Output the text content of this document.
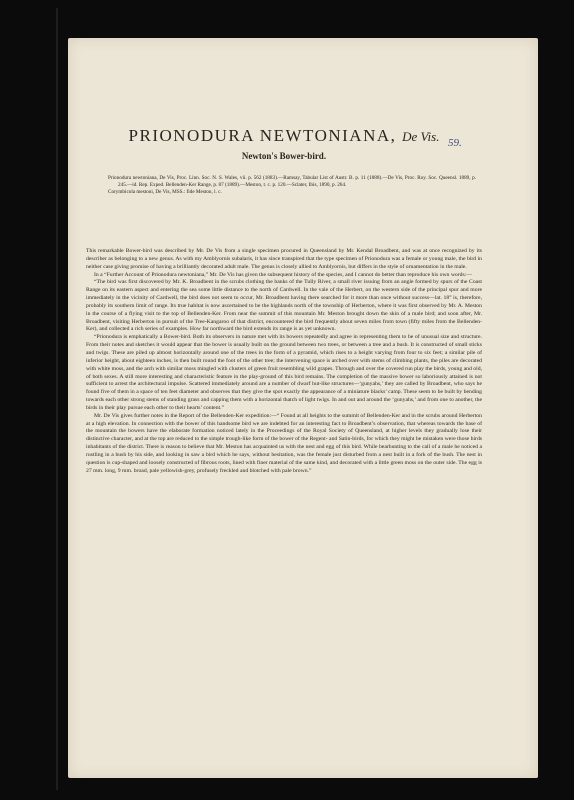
59.
PRIONODURA NEWTONIANA, De Vis.
Newton's Bower-bird.

Prionodura newtoniana, De Vis, Proc. Linn. Soc. N. S. Wales, vii. p. 562 (1883).—Ramsay, Tabular List of Austr. B. p. 11 (1888).—De Vis, Proc. Roy. Soc. Queensl. 1889, p. 245.—id. Rep. Exped. Bellenden-Ker Range, p. 87 (1889).—Meston, t. c. p. 120.—Sclater, Ibis, 1890, p. 264.

Corymbicola mestoni, De Vis, MSS.: fide Meston, l. c.

This remarkable Bower-bird was described by Mr. De Vis from a single specimen procured in Queensland by Mr. Kendal Broadbent, and was at once recognized by its describer as belonging to a new genus. As with my Amblyornis subalaris, it has since transpired that the type specimen of Prionodura was a female or young male, the bird in neither case giving promise of having a brilliantly decorated adult male. The genus is closely allied to Amblyornis, but differs in the style of ornamentation in the male.

In a “Further Account of Prionodura newtoniana,” Mr. De Vis has given the subsequent history of the species, and I cannot do better than reproduce his own words:—

“The bird was first discovered by Mr. K. Broadbent in the scrubs clothing the banks of the Tully River, a small river issuing from an angle formed by spurs of the Coast Range on its eastern aspect and entering the sea some little distance to the north of Cardwell. In the vale of the Herbert, on the western side of the principal spur and more immediately in the vicinity of Cardwell, the bird does not seem to occur, Mr. Broadbent having there searched for it more than once without success—lat. 18° is, therefore, probably its southern limit of range. Its true habitat is now ascertained to be the highlands north of the township of Herberton, where it was first observed by Mr. A. Meston in the course of a flying visit to the top of Bellenden-Ker. From near the summit of this mountain Mr. Meston brought down the skin of a male bird; and soon after, Mr. Broadbent, visiting Herberton in pursuit of the Tree-Kangaroo of that district, encountered the bird frequently about seven miles from town (fifty miles from the Bellenden-Ker), and collected a rich series of examples. How far northward the bird extends its range is as yet unknown.

“Prionodura is emphatically a Bower-bird. Both its observers in nature met with its bowers repeatedly and agree in representing them to be of unusual size and structure. From their notes and sketches it would appear that the bower is usually built on the ground between two trees, or between a tree and a bush. It is constructed of small sticks and twigs. These are piled up almost horizontally around one of the trees in the form of a pyramid, which rises to a height varying from four to six feet; a similar pile of inferior height, about eighteen inches, is then built round the foot of the other tree; the intervening space is arched over with stems of climbing plants, the piles are decorated with white moss, and the arch with similar moss mingled with clusters of green fruit resembling wild grapes. Through and over the covered run play the birds, young and old, of both sexes. A still more interesting and characteristic feature in the play-ground of this bird remains. The completion of the massive bower so laboriously attained is not sufficient to arrest the architectural impulse. Scattered immediately around are a number of dwarf hut-like structures—‘gunyahs,’ they are called by Broadbent, who says he found five of them in a space of ten feet diameter and observes that they give the spot exactly the appearance of a miniature blacks’ camp. These seem to be built by bending towards each other strong stems of standing grass and capping them with a horizontal thatch of light twigs. In and out and around the ‘gunyahs,’ and from one to another, the birds in their play pursue each other to their hearts’ content.”

Mr. De Vis gives further notes in the Report of the Bellenden-Ker expedition:—“ Found at all heights to the summit of Bellenden-Ker and in the scrubs around Herberton at a high elevation. In connection with the bower of this handsome bird we are indebted for an interesting fact to Broadbent’s observation, that whereas towards the base of the mountain the bowers have the elaborate formation noticed lately in the Proceedings of the Royal Society of Queensland, at higher levels they gradually lose their distinctive character, and at the top are reduced to the simple trough-like form of the bower of the Regent- and Satin-birds, for which they might be mistaken were those birds inhabitants of the district. There is reason to believe that Mr. Meston has acquainted us with the nest and egg of this bird. While bearhunting to the call of a male he noticed a rustling in a bush by his side, and looking in saw a bird which he says, without hesitation, was the female just disturbed from a nest built in a fork of the bush. The nest in question is cup-shaped and loosely constructed of fibrous roots, lined with finer material of the same kind, and decorated with a little green moss on the outer side. The egg is 27 mm. long, 9 mm. broad, pale yellowish-grey, profusely freckled and blotched with pale brown.”
